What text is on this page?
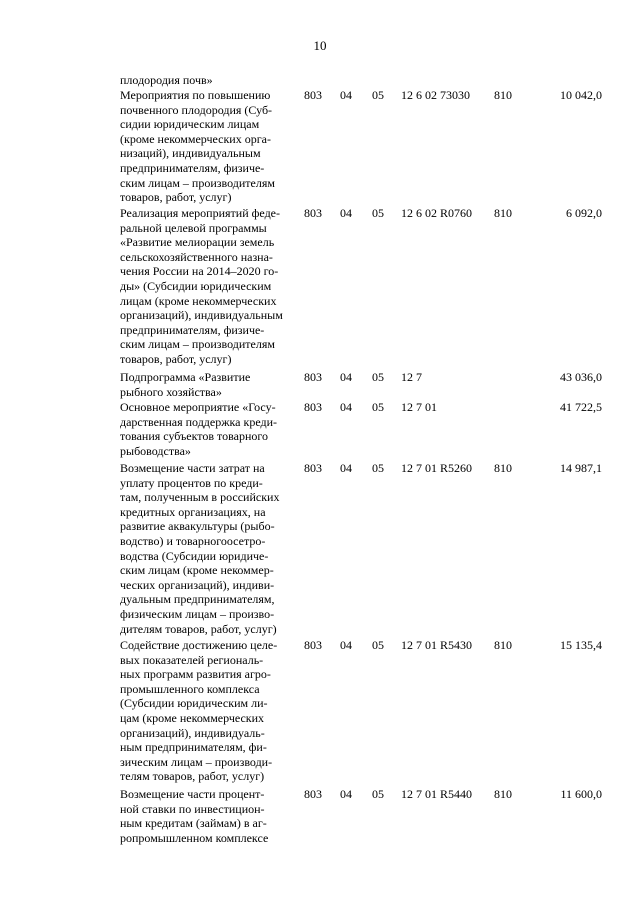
10
плодородия почв»
Мероприятия по повышению
почвенного плодородия (Суб-
сидии юридическим лицам
(кроме некоммерческих орга-
низаций), индивидуальным
предпринимателям, физиче-
ским лицам – производителям
товаров, работ, услуг)
803 04 05 12 6 02 73030 810	10 042,0
Реализация мероприятий феде-
ральной целевой программы
«Развитие мелиорации земель
сельскохозяйственного назна-
чения России на 2014–2020 го-
ды» (Субсидии юридическим
лицам (кроме некоммерческих
организаций), индивидуальным
предпринимателям, физиче-
ским лицам – производителям
товаров, работ, услуг)
803 04 05 12 6 02 R0760 810	6 092,0
Подпрограмма «Развитие
рыбного хозяйства»
803 04 05 12 7	43 036,0
Основное мероприятие «Госу-
дарственная поддержка креди-
тования субъектов товарного
рыбоводства»
803 04 05 12 7 01	41 722,5
Возмещение части затрат на
уплату процентов по креди-
там, полученным в российских
кредитных организациях, на
развитие аквакультуры (рыбо-
водство) и товарногоосетро-
водства (Субсидии юридиче-
ским лицам (кроме некоммер-
ческих организаций), индиви-
дуальным предпринимателям,
физическим лицам – произво-
дителям товаров, работ, услуг)
803 04 05 12 7 01 R5260 810	14 987,1
Содействие достижению целе-
вых показателей региональ-
ных программ развития агро-
промышленного комплекса
(Субсидии юридическим ли-
цам (кроме некоммерческих
организаций), индивидуаль-
ным предпринимателям, фи-
зическим лицам – производи-
телям товаров, работ, услуг)
803 04 05 12 7 01 R5430 810	15 135,4
Возмещение части процент-
ной ставки по инвестицион-
ным кредитам (займам) в аг-
ропромышленном комплексе
803 04 05 12 7 01 R5440 810	11 600,0
